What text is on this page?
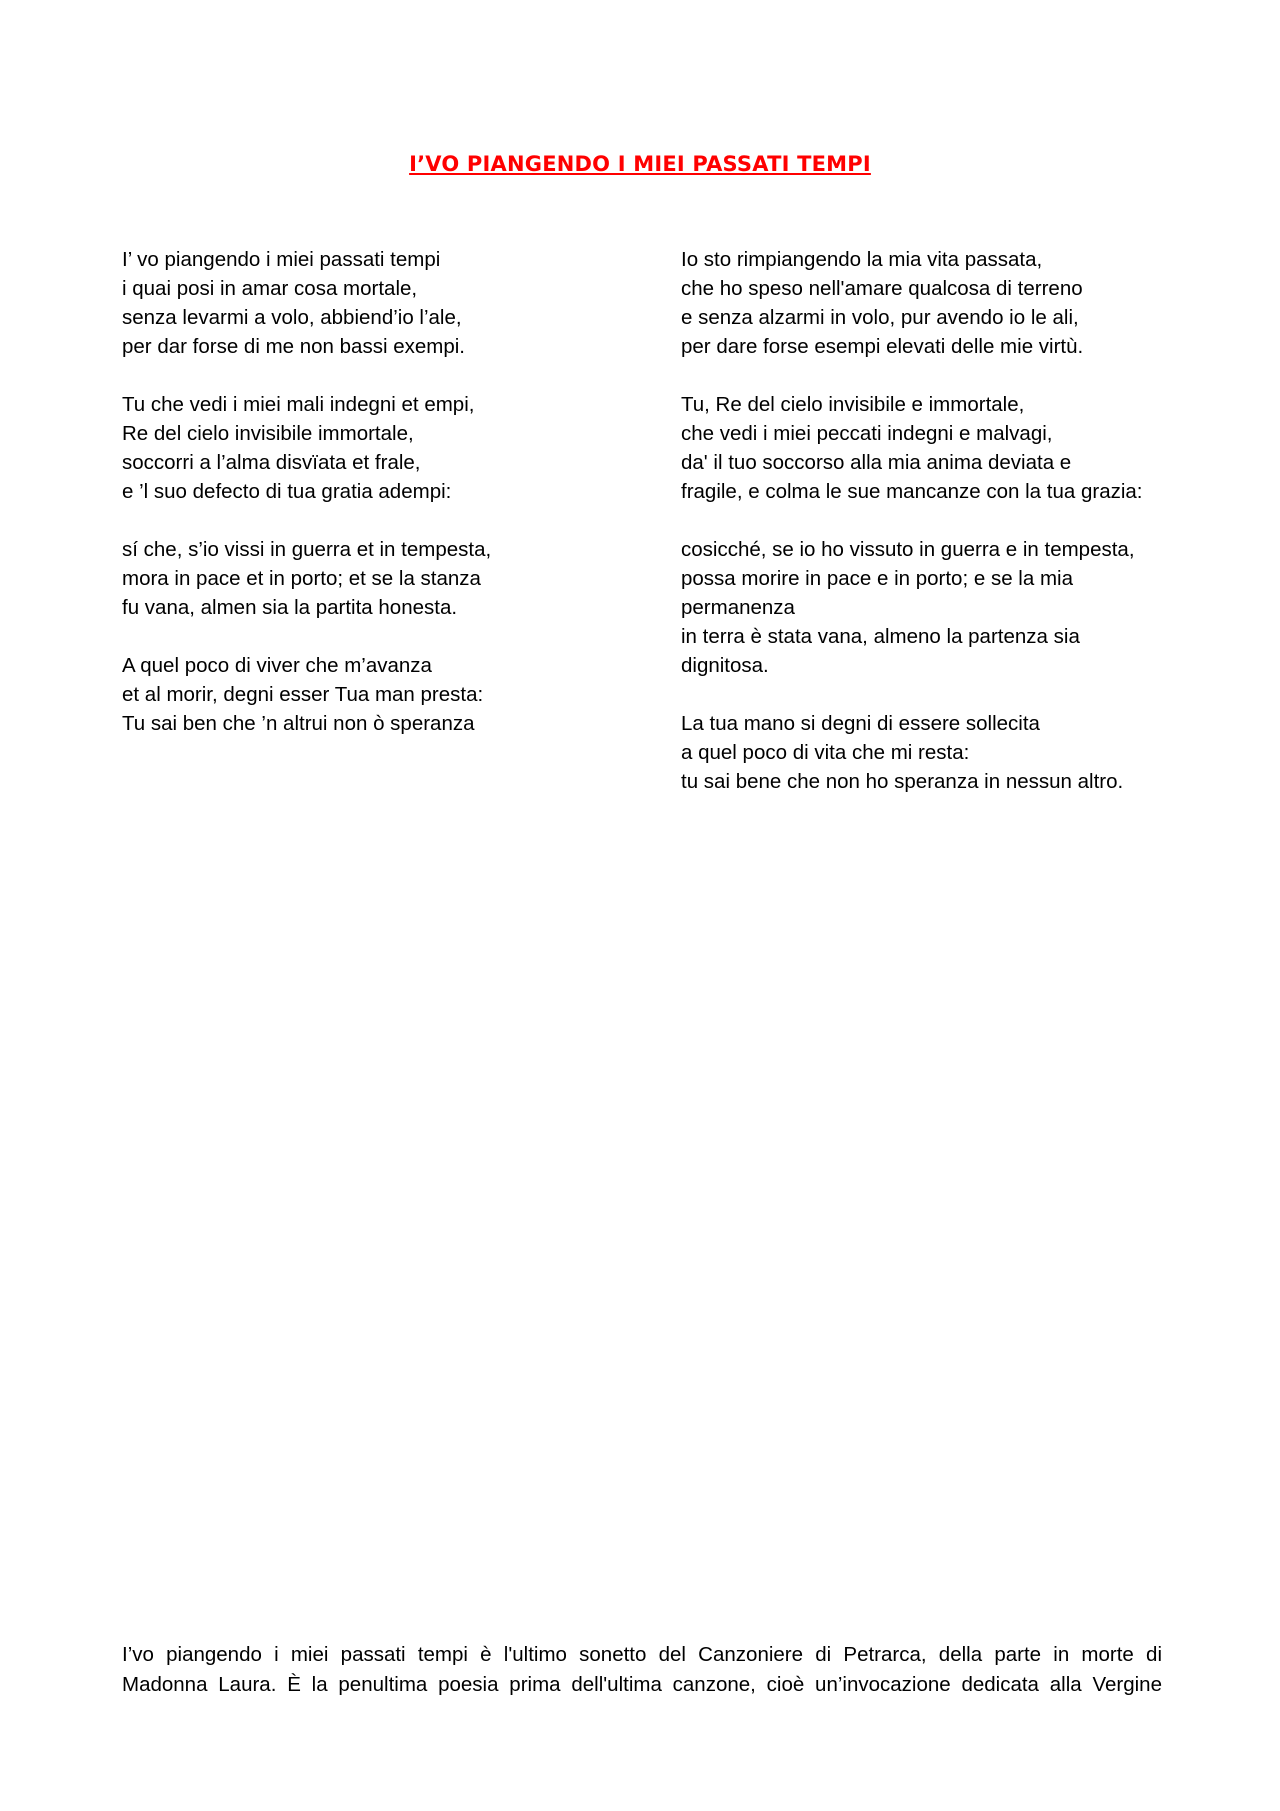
I’VO PIANGENDO I MIEI PASSATI TEMPI
I’ vo piangendo i miei passati tempi
i quai posi in amar cosa mortale,
senza levarmi a volo, abbiend’io l’ale,
per dar forse di me non bassi exempi.
Tu che vedi i miei mali indegni et empi,
Re del cielo invisibile immortale,
soccorri a l’alma disvïata et frale,
e ’l suo defecto di tua gratia adempi:
sí che, s’io vissi in guerra et in tempesta,
mora in pace et in porto; et se la stanza
fu vana, almen sia la partita honesta.
A quel poco di viver che m’avanza
et al morir, degni esser Tua man presta:
Tu sai ben che ’n altrui non ò speranza
Io sto rimpiangendo la mia vita passata,
che ho speso nell'amare qualcosa di terreno
e senza alzarmi in volo, pur avendo io le ali,
per dare forse esempi elevati delle mie virtù.
Tu, Re del cielo invisibile e immortale,
che vedi i miei peccati indegni e malvagi,
da' il tuo soccorso alla mia anima deviata e
fragile, e colma le sue mancanze con la tua grazia:
cosicché, se io ho vissuto in guerra e in tempesta,
possa morire in pace e in porto; e se la mia
permanenza
in terra è stata vana, almeno la partenza sia
dignitosa.
La tua mano si degni di essere sollecita
a quel poco di vita che mi resta:
tu sai bene che non ho speranza in nessun altro.
I’vo piangendo i miei passati tempi è l'ultimo sonetto del Canzoniere di Petrarca, della parte in morte di
Madonna Laura. È la penultima poesia prima dell'ultima canzone, cioè un’invocazione dedicata alla Vergine
